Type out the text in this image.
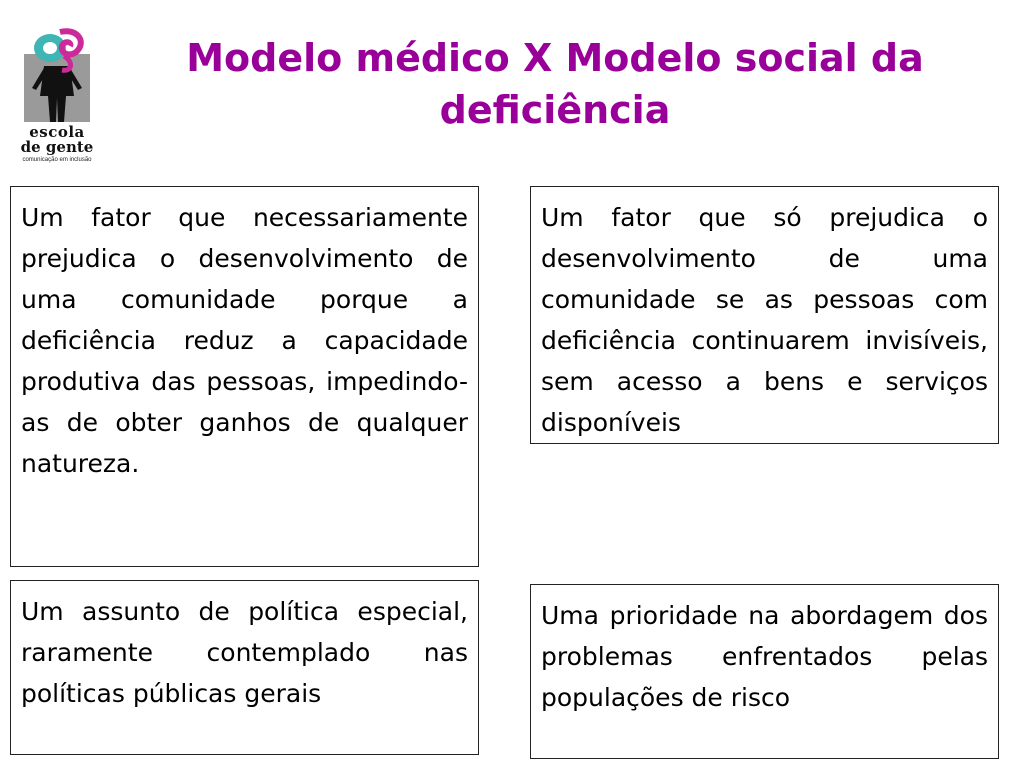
escola
de gente
comunicação em inclusão
Modelo médico X Modelo social da deficiência
Um fator que necessariamente prejudica o desenvolvimento de uma comunidade porque a deficiência reduz a capacidade produtiva das pessoas, impedindo-as de obter ganhos de qualquer natureza.
Um fator que só prejudica o desenvolvimento de uma comunidade se as pessoas com deficiência continuarem invisíveis, sem acesso a bens e serviços disponíveis
Um assunto de política especial, raramente contemplado nas políticas públicas gerais
Uma prioridade na abordagem dos problemas enfrentados pelas populações de risco
